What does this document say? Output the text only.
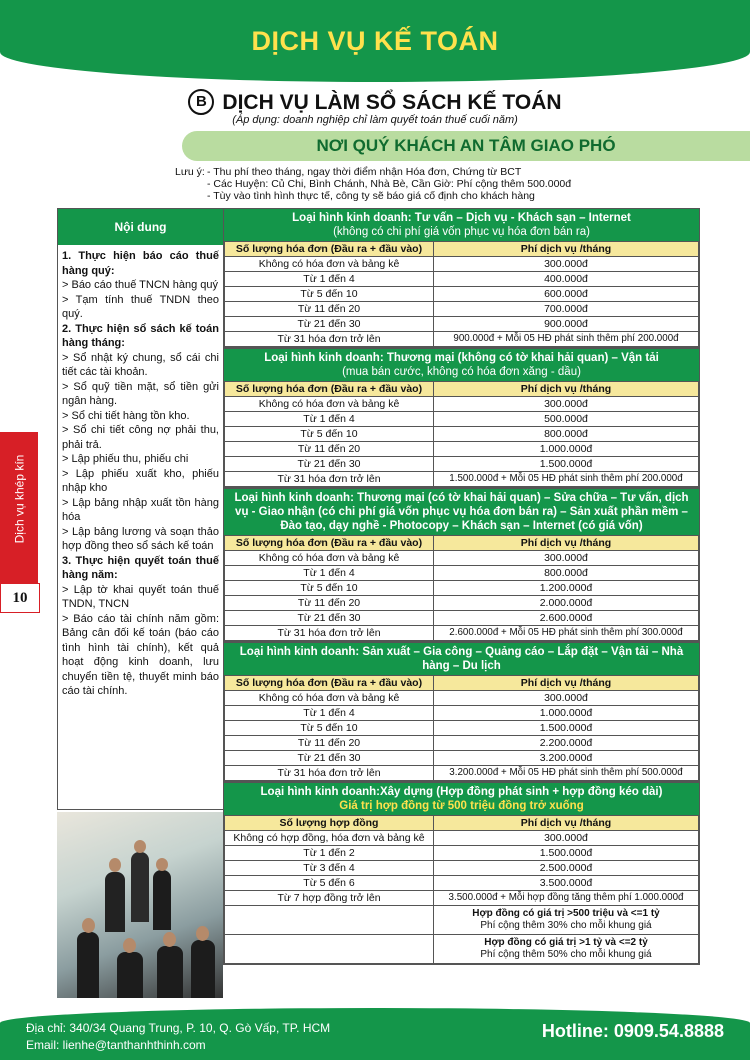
DỊCH VỤ KẾ TOÁN
B DỊCH VỤ LÀM SỔ SÁCH KẾ TOÁN
(Áp dụng: doanh nghiệp chỉ làm quyết toán thuế cuối năm)
NƠI QUÝ KHÁCH AN TÂM GIAO PHÓ
Lưu ý: - Thu phí theo tháng, ngay thời điểm nhận Hóa đơn, Chứng từ BCT
- Các Huyện: Củ Chi, Bình Chánh, Nhà Bè, Cần Giờ: Phí cộng thêm 500.000đ
- Tùy vào tình hình thực tế, công ty sẽ báo giá cố định cho khách hàng
Dịch vụ khép kín
10
Nội dung

1. Thực hiện báo cáo thuế hàng quý:

> Báo cáo thuế TNCN hàng quý

> Tạm tính thuế TNDN theo quý.

2. Thực hiện sổ sách kế toán hàng tháng:

> Sổ nhật ký chung, sổ cái chi tiết các tài khoản.

> Sổ quỹ tiền mặt, sổ tiền gửi ngân hàng.

> Sổ chi tiết hàng tồn kho.

> Sổ chi tiết công nợ phải thu, phải trả.

> Lập phiếu thu, phiếu chi

> Lập phiếu xuất kho, phiếu nhập kho

> Lập bảng nhập xuất tồn hàng hóa

> Lập bảng lương và soạn thảo hợp đồng theo sổ sách kế toán

3. Thực hiện quyết toán thuế hàng năm:

> Lập tờ khai quyết toán thuế TNDN, TNCN

> Báo cáo tài chính năm gồm: Bảng cân đối kế toán (báo cáo tình hình tài chính), kết quả hoạt động kinh doanh, lưu chuyển tiền tệ, thuyết minh báo cáo tài chính.

Loại hình kinh doanh: Tư vấn – Dịch vụ - Khách sạn – Internet
(không có chi phí giá vốn phục vụ hóa đơn bán ra)
Số lượng hóa đơn (Đầu ra + đầu vào)	Phí dịch vụ /tháng
Không có hóa đơn và bảng kê	300.000đ
Từ 1 đến 4	400.000đ
Từ 5 đến 10	600.000đ
Từ 11 đến 20	700.000đ
Từ 21 đến 30	900.000đ
Từ 31 hóa đơn trở lên	900.000đ + Mỗi 05 HĐ phát sinh thêm phí 200.000đ
Loại hình kinh doanh: Thương mại (không có tờ khai hải quan) – Vận tải
(mua bán cước, không có hóa đơn xăng - dầu)
Số lượng hóa đơn (Đầu ra + đầu vào)	Phí dịch vụ /tháng
Không có hóa đơn và bảng kê	300.000đ
Từ 1 đến 4	500.000đ
Từ 5 đến 10	800.000đ
Từ 11 đến 20	1.000.000đ
Từ 21 đến 30	1.500.000đ
Từ 31 hóa đơn trở lên	1.500.000đ + Mỗi 05 HĐ phát sinh thêm phí 200.000đ
Loại hình kinh doanh: Thương mại (có tờ khai hải quan) – Sửa chữa – Tư vấn, dịch vụ - Giao nhận (có chi phí giá vốn phục vụ hóa đơn bán ra) – Sản xuất phần mềm – Đào tạo, dạy nghề - Photocopy – Khách sạn – Internet (có giá vốn)
Số lượng hóa đơn (Đầu ra + đầu vào)	Phí dịch vụ /tháng
Không có hóa đơn và bảng kê	300.000đ
Từ 1 đến 4	800.000đ
Từ 5 đến 10	1.200.000đ
Từ 11 đến 20	2.000.000đ
Từ 21 đến 30	2.600.000đ
Từ 31 hóa đơn trở lên	2.600.000đ + Mỗi 05 HĐ phát sinh thêm phí 300.000đ
Loại hình kinh doanh: Sản xuất – Gia công – Quảng cáo – Lắp đặt – Vận tải – Nhà hàng – Du lịch
Số lượng hóa đơn (Đầu ra + đầu vào)	Phí dịch vụ /tháng
Không có hóa đơn và bảng kê	300.000đ
Từ 1 đến 4	1.000.000đ
Từ 5 đến 10	1.500.000đ
Từ 11 đến 20	2.200.000đ
Từ 21 đến 30	3.200.000đ
Từ 31 hóa đơn trở lên	3.200.000đ + Mỗi 05 HĐ phát sinh thêm phí 500.000đ
Loại hình kinh doanh:Xây dựng (Hợp đồng phát sinh + hợp đồng kéo dài)
Giá trị hợp đồng từ 500 triệu đồng trở xuống
Số lượng hợp đồng	Phí dịch vụ /tháng
Không có hợp đồng, hóa đơn và bảng kê	300.000đ
Từ 1 đến 2	1.500.000đ
Từ 3 đến 4	2.500.000đ
Từ 5 đến 6	3.500.000đ
Từ 7 hợp đồng trở lên	3.500.000đ + Mỗi hợp đồng tăng thêm phí 1.000.000đ

	Hợp đồng có giá trị >500 triệu và <=1 tỷ
Phí cộng thêm 30% cho mỗi khung giá

	Hợp đồng có giá trị >1 tỷ và <=2 tỷ
Phí cộng thêm 50% cho mỗi khung giá
Địa chỉ: 340/34 Quang Trung, P. 10, Q. Gò Vấp, TP. HCM
Email: lienhe@tanthanhthinh.com
Hotline: 0909.54.8888
